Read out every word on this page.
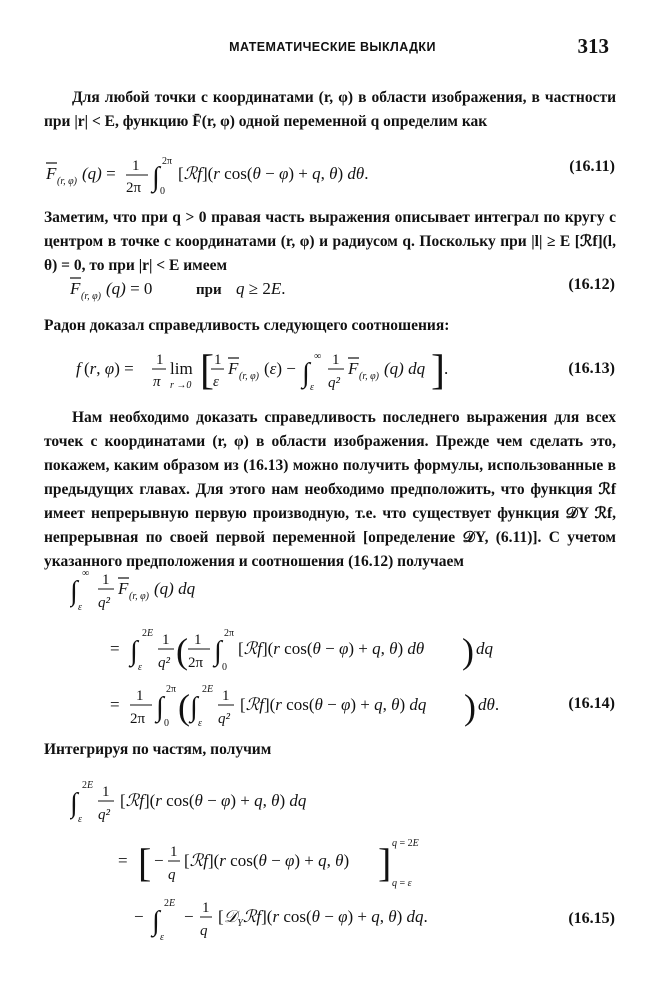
МАТЕМАТИЧЕСКИЕ ВЫКЛАДКИ	313
Для любой точки с координатами (r, φ) в области изображения, в частности при |r| < E, функцию F̄(r, φ) одной переменной q определим как
F (r, φ) (q) = 1
2π ∫
2π
0
[ℛf](r cos(θ − φ) + q, θ) dθ.	(16.11)
Заметим, что при q > 0 правая часть выражения описывает интеграл по кругу с центром в точке с координатами (r, φ) и радиусом q. Поскольку при |l| ≥ E [ℛf](l, θ) = 0, то при |r| < E имеем
F (r, φ) (q) = 0	при q ≥ 2E.	(16.12)
Радон доказал справедливость следующего соотношения:
f (r, φ) = 1
π
lim
r →0 [ 1
ε
F (r, φ) (ε) − ∫
∞
ε
1
q²
F (r, φ) (q) dq ] .	(16.13)
Нам необходимо доказать справедливость последнего выражения для всех точек с координатами (r, φ) в области изображения. Прежде чем сделать это, покажем, каким образом из (16.13) можно получить формулы, использованные в предыдущих главах. Для этого нам необходимо предположить, что функция ℛf имеет непрерывную первую производную, т.е. что существует функция 𝒟Y ℛf, непрерывная по своей первой переменной [определение 𝒟Y, (6.11)]. С учетом указанного предположения и соотношения (16.12) получаем
∫
∞
ε
1
q²
F (r, φ) (q) dq
= ∫
2E
ε
1
q² ( 1
2π ∫
2π
0
[ℛf](r cos(θ − φ) + q, θ) dθ ) dq
= 1
2π ∫
2π
0 ( ∫
2E
ε
1
q²
[ℛf](r cos(θ − φ) + q, θ) dq ) dθ.	(16.14)
Интегрируя по частям, получим
∫
2E
ε
1
q²
[ℛf](r cos(θ − φ) + q, θ) dq
= [ − 1
q
[ℛf](r cos(θ − φ) + q, θ) ] q = 2E
q = ε
− ∫
2E
ε
− 1
q
[𝒟$_Y$ℛf](r cos(θ − φ) + q, θ) dq.	(16.15)
